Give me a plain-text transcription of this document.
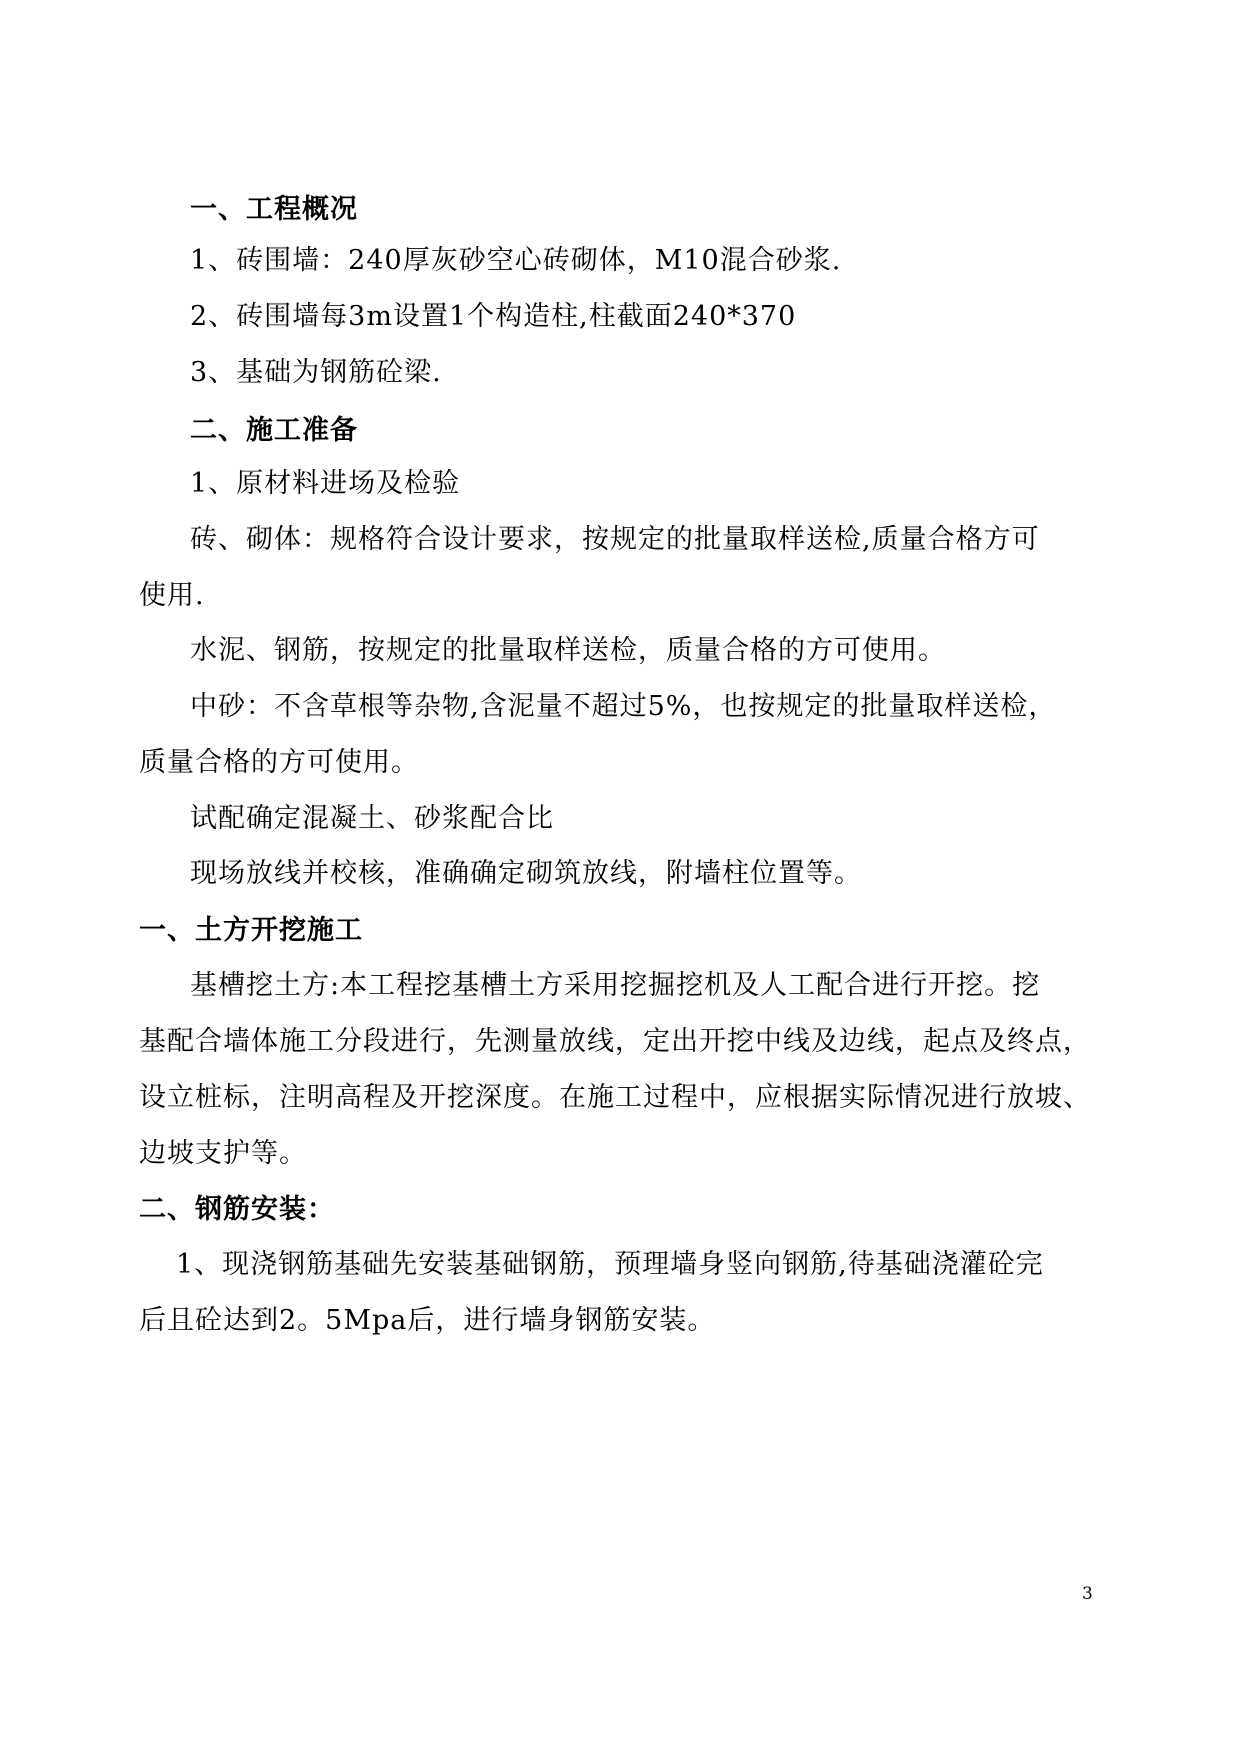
一、工程概况
1、砖围墙：240厚灰砂空心砖砌体，M10混合砂浆.
2、砖围墙每3m设置1个构造柱,柱截面240*370
3、基础为钢筋砼梁.
二、施工准备
1、原材料进场及检验
砖、砌体：规格符合设计要求，按规定的批量取样送检,质量合格方可
使用.
水泥、钢筋，按规定的批量取样送检，质量合格的方可使用。
中砂：不含草根等杂物,含泥量不超过5%，也按规定的批量取样送检，
质量合格的方可使用。
试配确定混凝土、砂浆配合比
现场放线并校核，准确确定砌筑放线，附墙柱位置等。
一、土方开挖施工
基槽挖土方:本工程挖基槽土方采用挖掘挖机及人工配合进行开挖。挖
基配合墙体施工分段进行，先测量放线，定出开挖中线及边线，起点及终点，
设立桩标，注明高程及开挖深度。在施工过程中，应根据实际情况进行放坡、
边坡支护等。
二、钢筋安装：
1、现浇钢筋基础先安装基础钢筋，预理墙身竖向钢筋,待基础浇灌砼完
后且砼达到2。5Mpa后，进行墙身钢筋安装。
3
